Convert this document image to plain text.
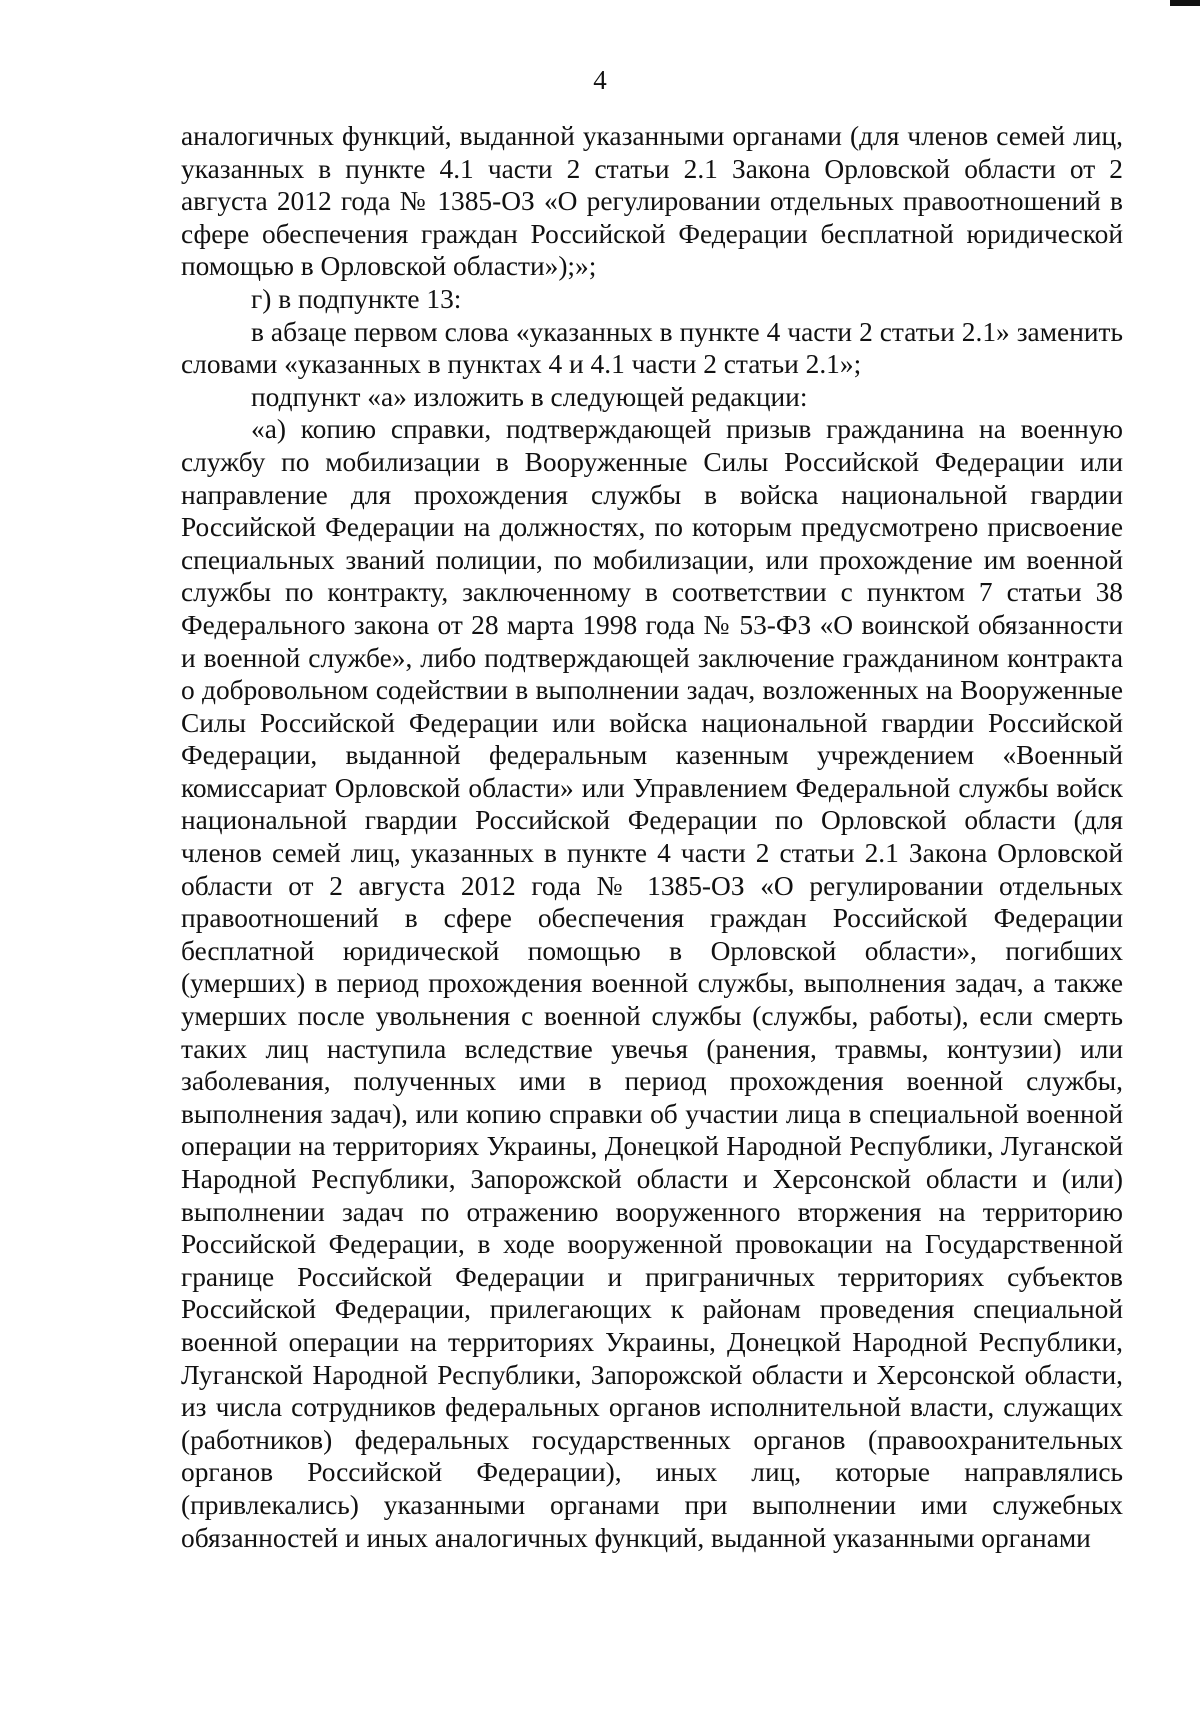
4

аналогичных функций, выданной указанными органами (для членов семей лиц, указанных в пункте 4.1 части 2 статьи 2.1 Закона Орловской области от 2 августа 2012 года № 1385-ОЗ «О регулировании отдельных правоотношений в сфере обеспечения граждан Российской Федерации бесплатной юридической помощью в Орловской области»);»;

г) в подпункте 13:

в абзаце первом слова «указанных в пункте 4 части 2 статьи 2.1» заменить словами «указанных в пунктах 4 и 4.1 части 2 статьи 2.1»;

подпункт «а» изложить в следующей редакции:

«а) копию справки, подтверждающей призыв гражданина на военную службу по мобилизации в Вооруженные Силы Российской Федерации или направление для прохождения службы в войска национальной гвардии Российской Федерации на должностях, по которым предусмотрено присвоение специальных званий полиции, по мобилизации, или прохождение им военной службы по контракту, заключенному в соответствии с пунктом 7 статьи 38 Федерального закона от 28 марта 1998 года № 53-ФЗ «О воинской обязанности и военной службе», либо подтверждающей заключение гражданином контракта о добровольном содействии в выполнении задач, возложенных на Вооруженные Силы Российской Федерации или войска национальной гвардии Российской Федерации, выданной федеральным казенным учреждением «Военный комиссариат Орловской области» или Управлением Федеральной службы войск национальной гвардии Российской Федерации по Орловской области (для членов семей лиц, указанных в пункте 4 части 2 статьи 2.1 Закона Орловской области от 2 августа 2012 года № 1385-ОЗ «О регулировании отдельных правоотношений в сфере обеспечения граждан Российской Федерации бесплатной юридической помощью в Орловской области», погибших (умерших) в период прохождения военной службы, выполнения задач, а также умерших после увольнения с военной службы (службы, работы), если смерть таких лиц наступила вследствие увечья (ранения, травмы, контузии) или заболевания, полученных ими в период прохождения военной службы, выполнения задач), или копию справки об участии лица в специальной военной операции на территориях Украины, Донецкой Народной Республики, Луганской Народной Республики, Запорожской области и Херсонской области и (или) выполнении задач по отражению вооруженного вторжения на территорию Российской Федерации, в ходе вооруженной провокации на Государственной границе Российской Федерации и приграничных территориях субъектов Российской Федерации, прилегающих к районам проведения специальной военной операции на территориях Украины, Донецкой Народной Республики, Луганской Народной Республики, Запорожской области и Херсонской области, из числа сотрудников федеральных органов исполнительной власти, служащих (работников) федеральных государственных органов (правоохранительных органов Российской Федерации), иных лиц, которые направлялись (привлекались) указанными органами при выполнении ими служебных обязанностей и иных аналогичных функций, выданной указанными органами
